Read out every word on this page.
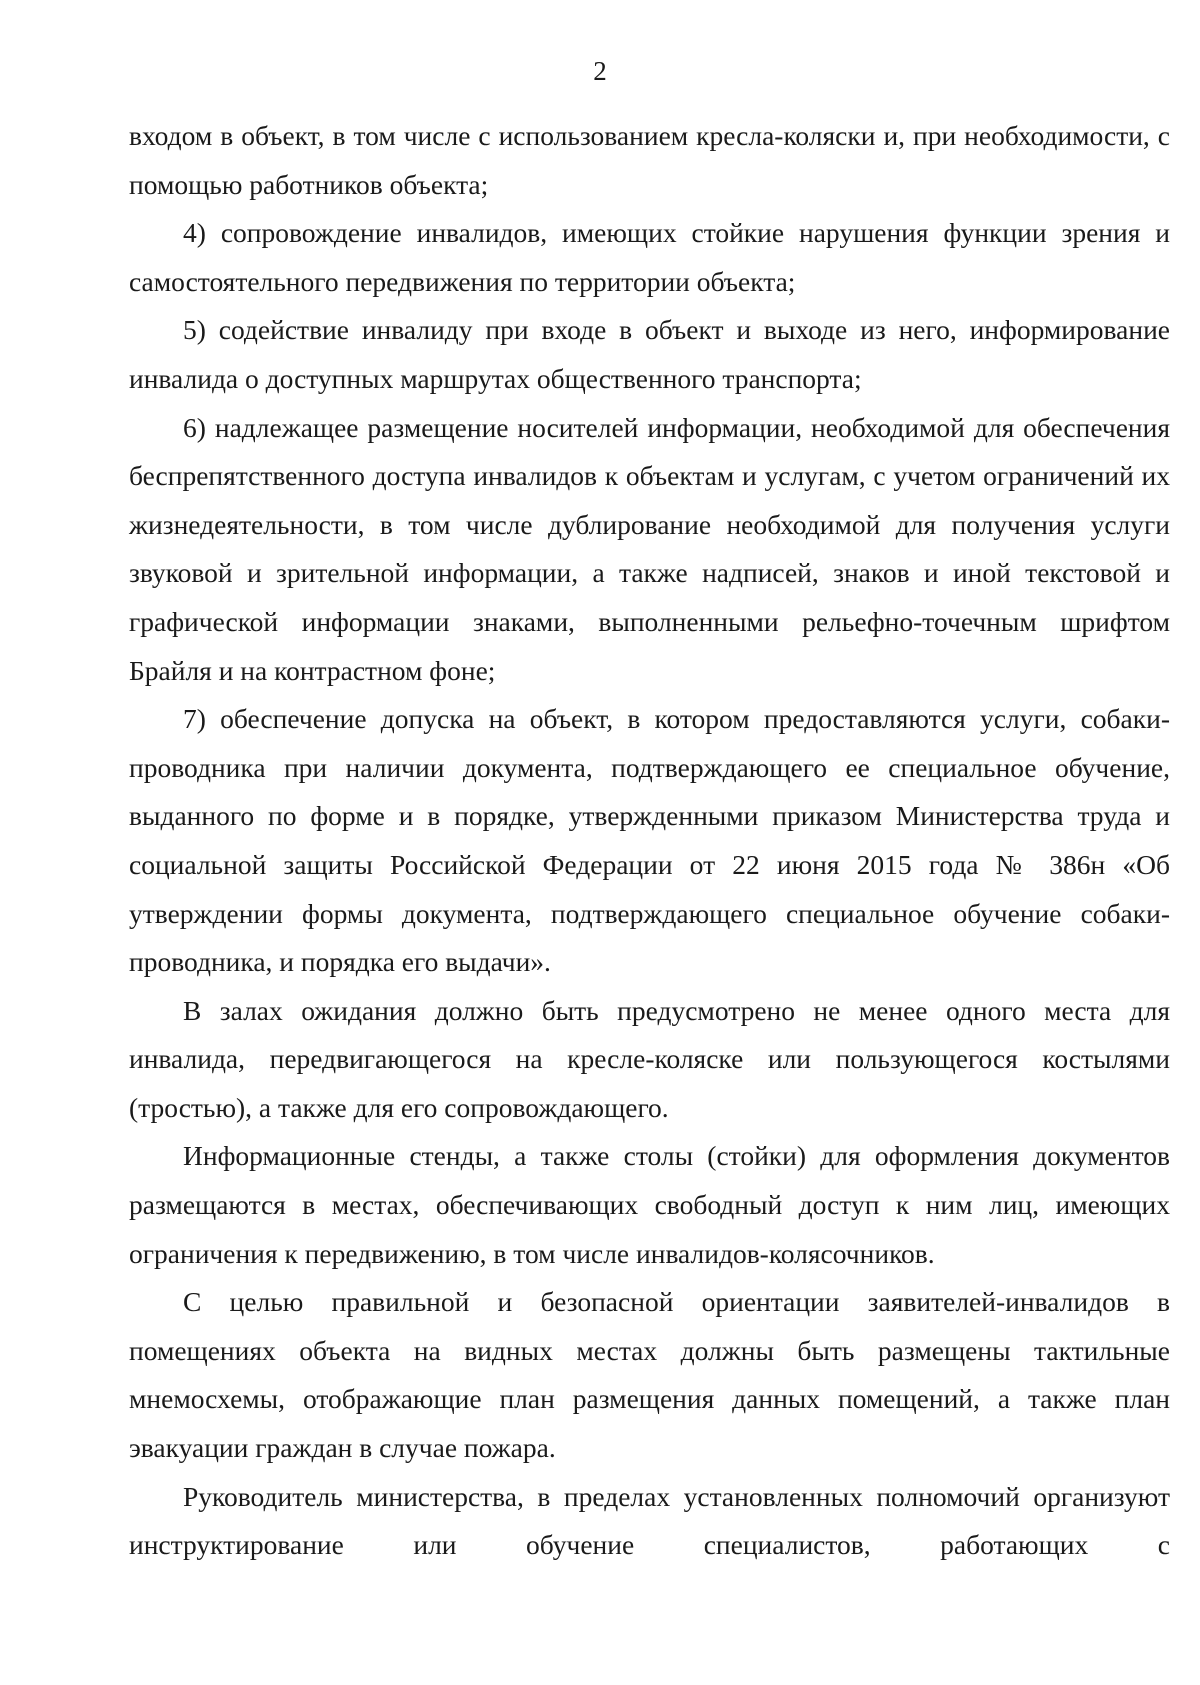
2

входом в объект, в том числе с использованием кресла-коляски и, при необходимости, с помощью работников объекта;

4) сопровождение инвалидов, имеющих стойкие нарушения функции зрения и самостоятельного передвижения по территории объекта;

5) содействие инвалиду при входе в объект и выходе из него, информирование инвалида о доступных маршрутах общественного транспорта;

6) надлежащее размещение носителей информации, необходимой для обеспечения беспрепятственного доступа инвалидов к объектам и услугам, с учетом ограничений их жизнедеятельности, в том числе дублирование необходимой для получения услуги звуковой и зрительной информации, а также надписей, знаков и иной текстовой и графической информации знаками, выполненными рельефно-точечным шрифтом Брайля и на контрастном фоне;

7) обеспечение допуска на объект, в котором предоставляются услуги, собаки-проводника при наличии документа, подтверждающего ее специальное обучение, выданного по форме и в порядке, утвержденными приказом Министерства труда и социальной защиты Российской Федерации от 22 июня 2015 года № 386н «Об утверждении формы документа, подтверждающего специальное обучение собаки-проводника, и порядка его выдачи».

В залах ожидания должно быть предусмотрено не менее одного места для инвалида, передвигающегося на кресле-коляске или пользующегося костылями (тростью), а также для его сопровождающего.

Информационные стенды, а также столы (стойки) для оформления документов размещаются в местах, обеспечивающих свободный доступ к ним лиц, имеющих ограничения к передвижению, в том числе инвалидов-колясочников.

С целью правильной и безопасной ориентации заявителей-инвалидов в помещениях объекта на видных местах должны быть размещены тактильные мнемосхемы, отображающие план размещения данных помещений, а также план эвакуации граждан в случае пожара.

Руководитель министерства, в пределах установленных полномочий организуют инструктирование или обучение специалистов, работающих с
